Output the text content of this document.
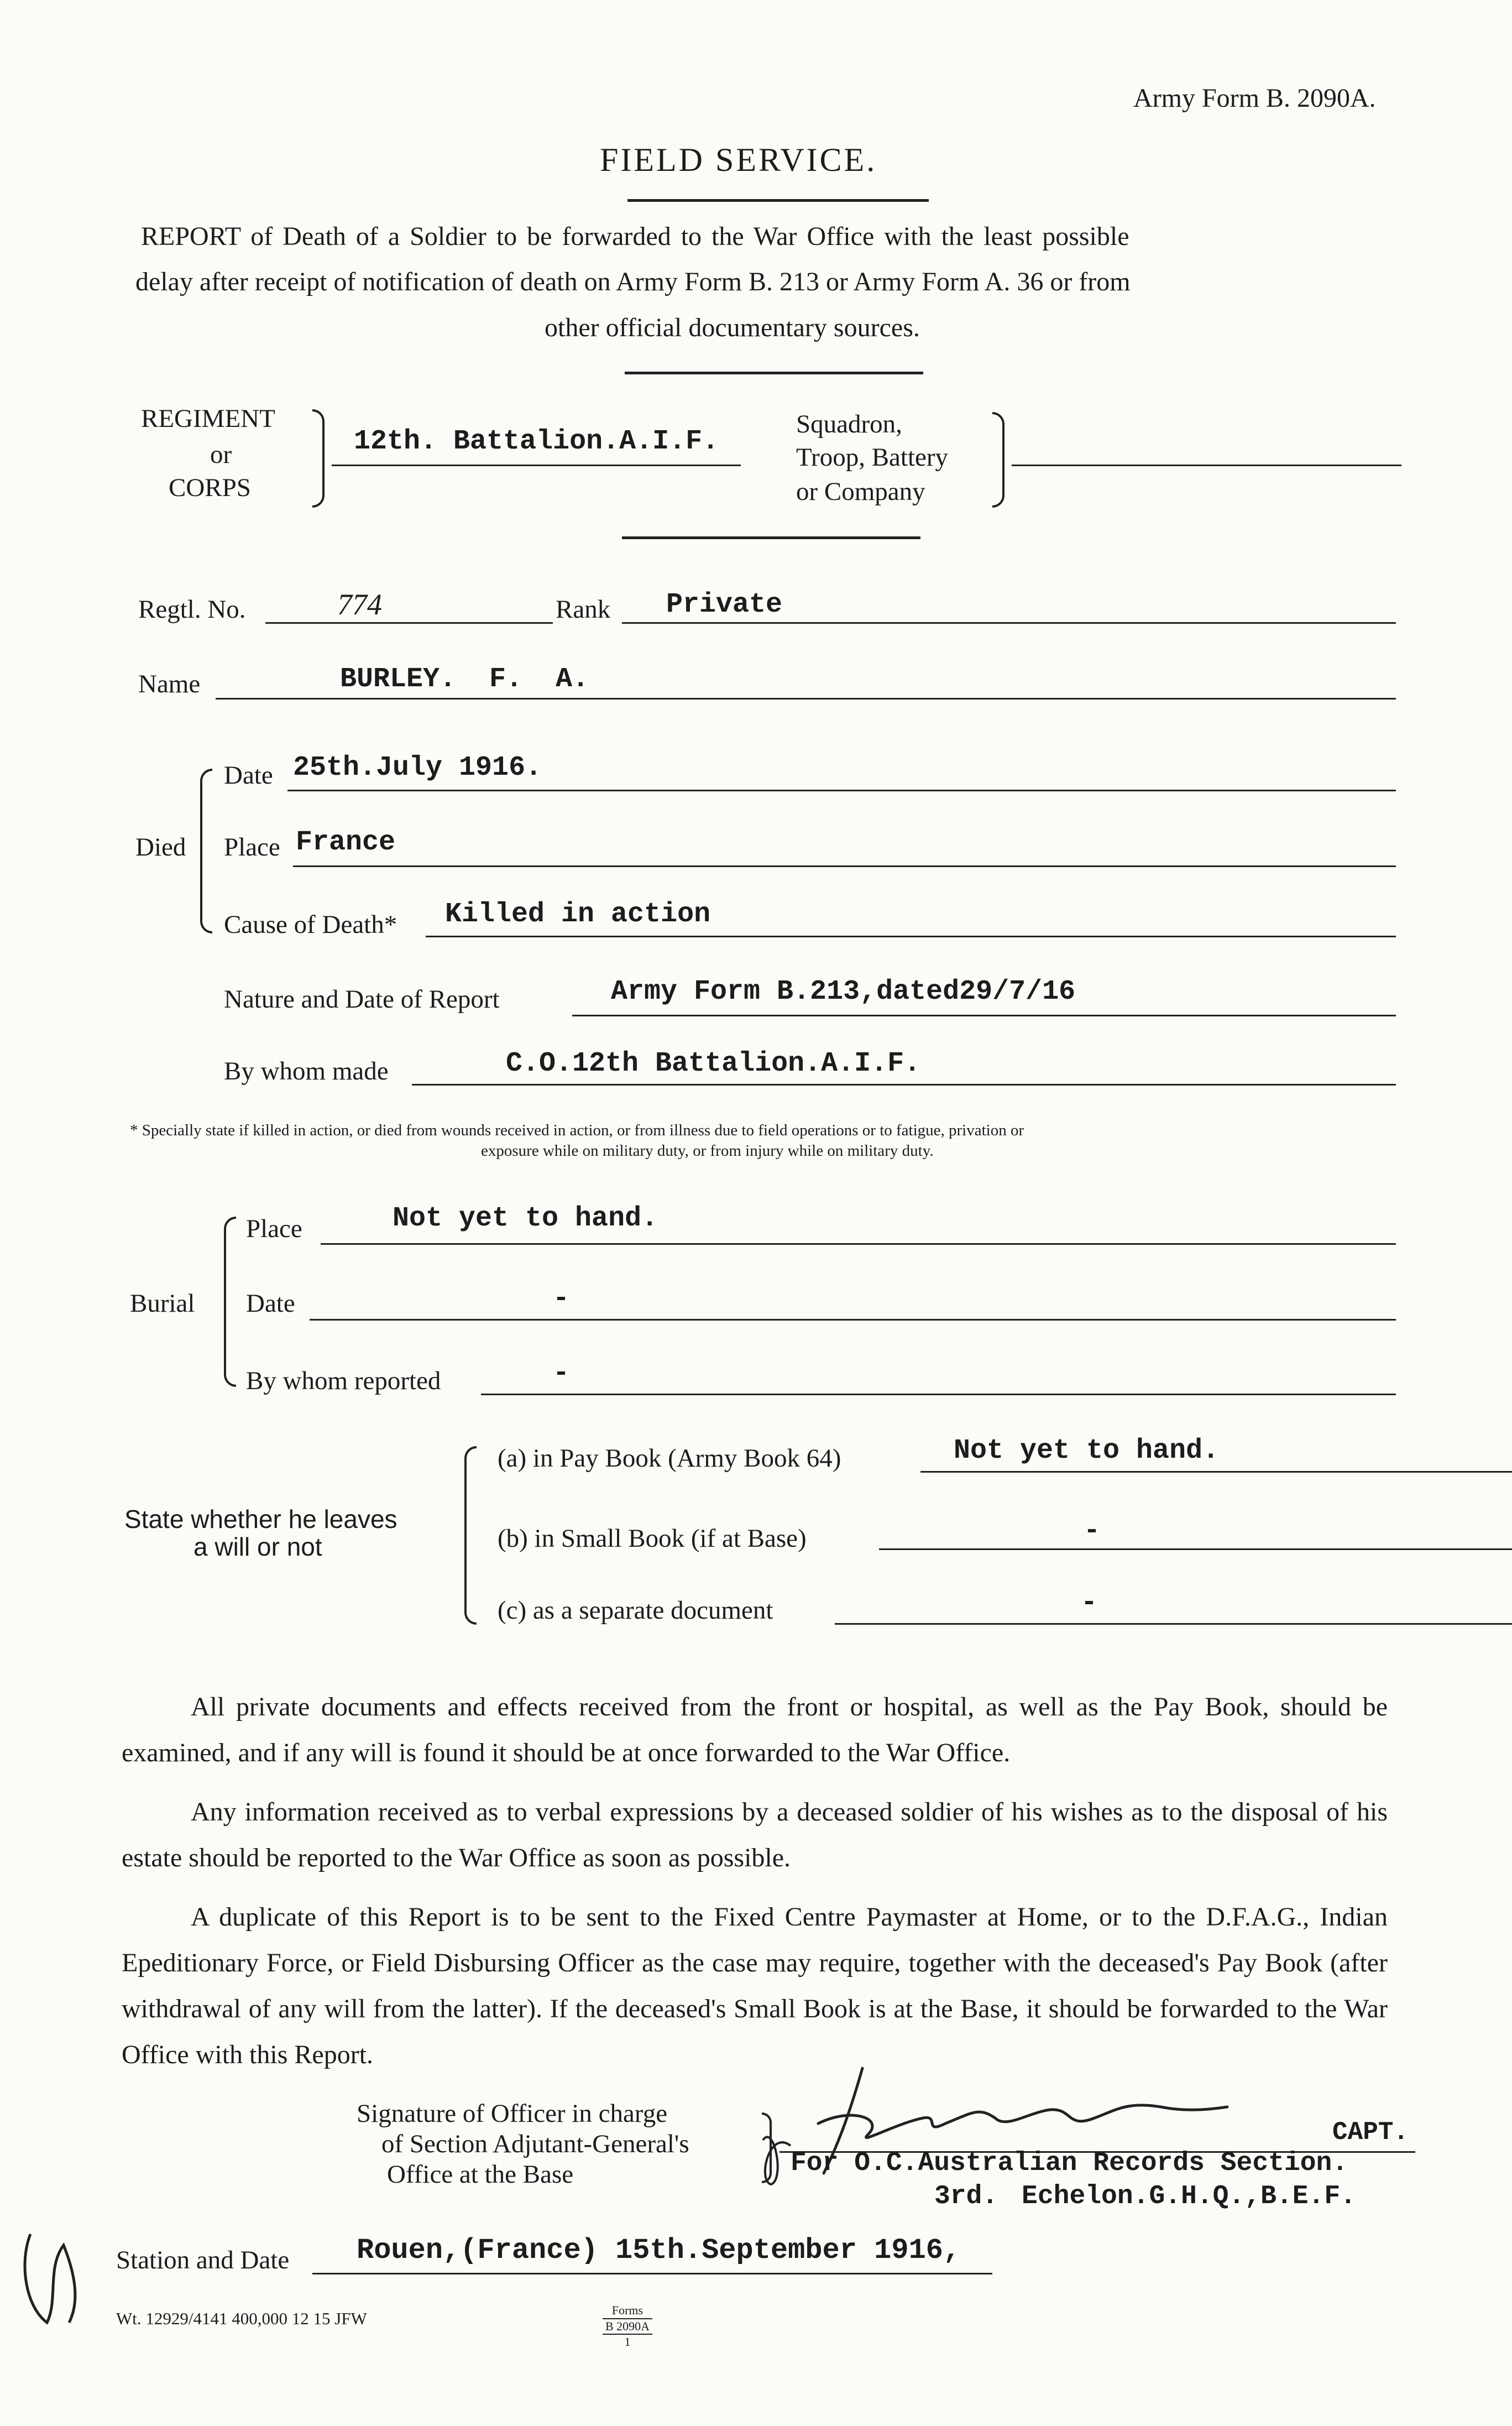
Army Form B. 2090A.
FIELD SERVICE.
REPORT of Death of a Soldier to be forwarded to the War Office with the least possible
delay after receipt of notification of death on Army Form B. 213 or Army Form A. 36 or from
other official documentary sources.
REGIMENT
or
CORPS
12th. Battalion.A.I.F.
Squadron,
Troop, Battery
or Company
Regtl. No.	774	Rank Private
Name	BURLEY.  F.  A.
Died
Date 25th.July 1916.
Place France
Cause of Death* Killed in action
Nature and Date of Report	Army Form B.213,dated29/7/16
By whom made	C.O.12th Battalion.A.I.F.
* Specially state if killed in action, or died from wounds received in action, or from illness due to field operations or to fatigue, privation or
exposure while on military duty, or from injury while on military duty.
Burial
Place	Not yet to hand.
Date	-
By whom reported	-
State whether he leaves
a will or not
(a) in Pay Book (Army Book 64)	Not yet to hand.
(b) in Small Book (if at Base)	-
(c) as a separate document	-
All private documents and effects received from the front or hospital, as well as the Pay Book, should be examined, and if any will is found it should be at once forwarded to the War Office.
Any information received as to verbal expressions by a deceased soldier of his wishes as to the disposal of his estate should be reported to the War Office as soon as possible.
A duplicate of this Report is to be sent to the Fixed Centre Paymaster at Home, or to the D.F.A.G., Indian Epeditionary Force, or Field Disbursing Officer as the case may require, together with the deceased's Pay Book (after withdrawal of any will from the latter). If the deceased's Small Book is at the Base, it should be forwarded to the War Office with this Report.
Signature of Officer in charge
of Section Adjutant-General's
Office at the Base
CAPT.
For O.C.Australian Records Section.
3rd. Echelon.G.H.Q.,B.E.F.
Station and Date Rouen,(France) 15th.September 1916,
Wt. 12929/4141 400,000 12 15 JFW	Forms
B 2090A
1
